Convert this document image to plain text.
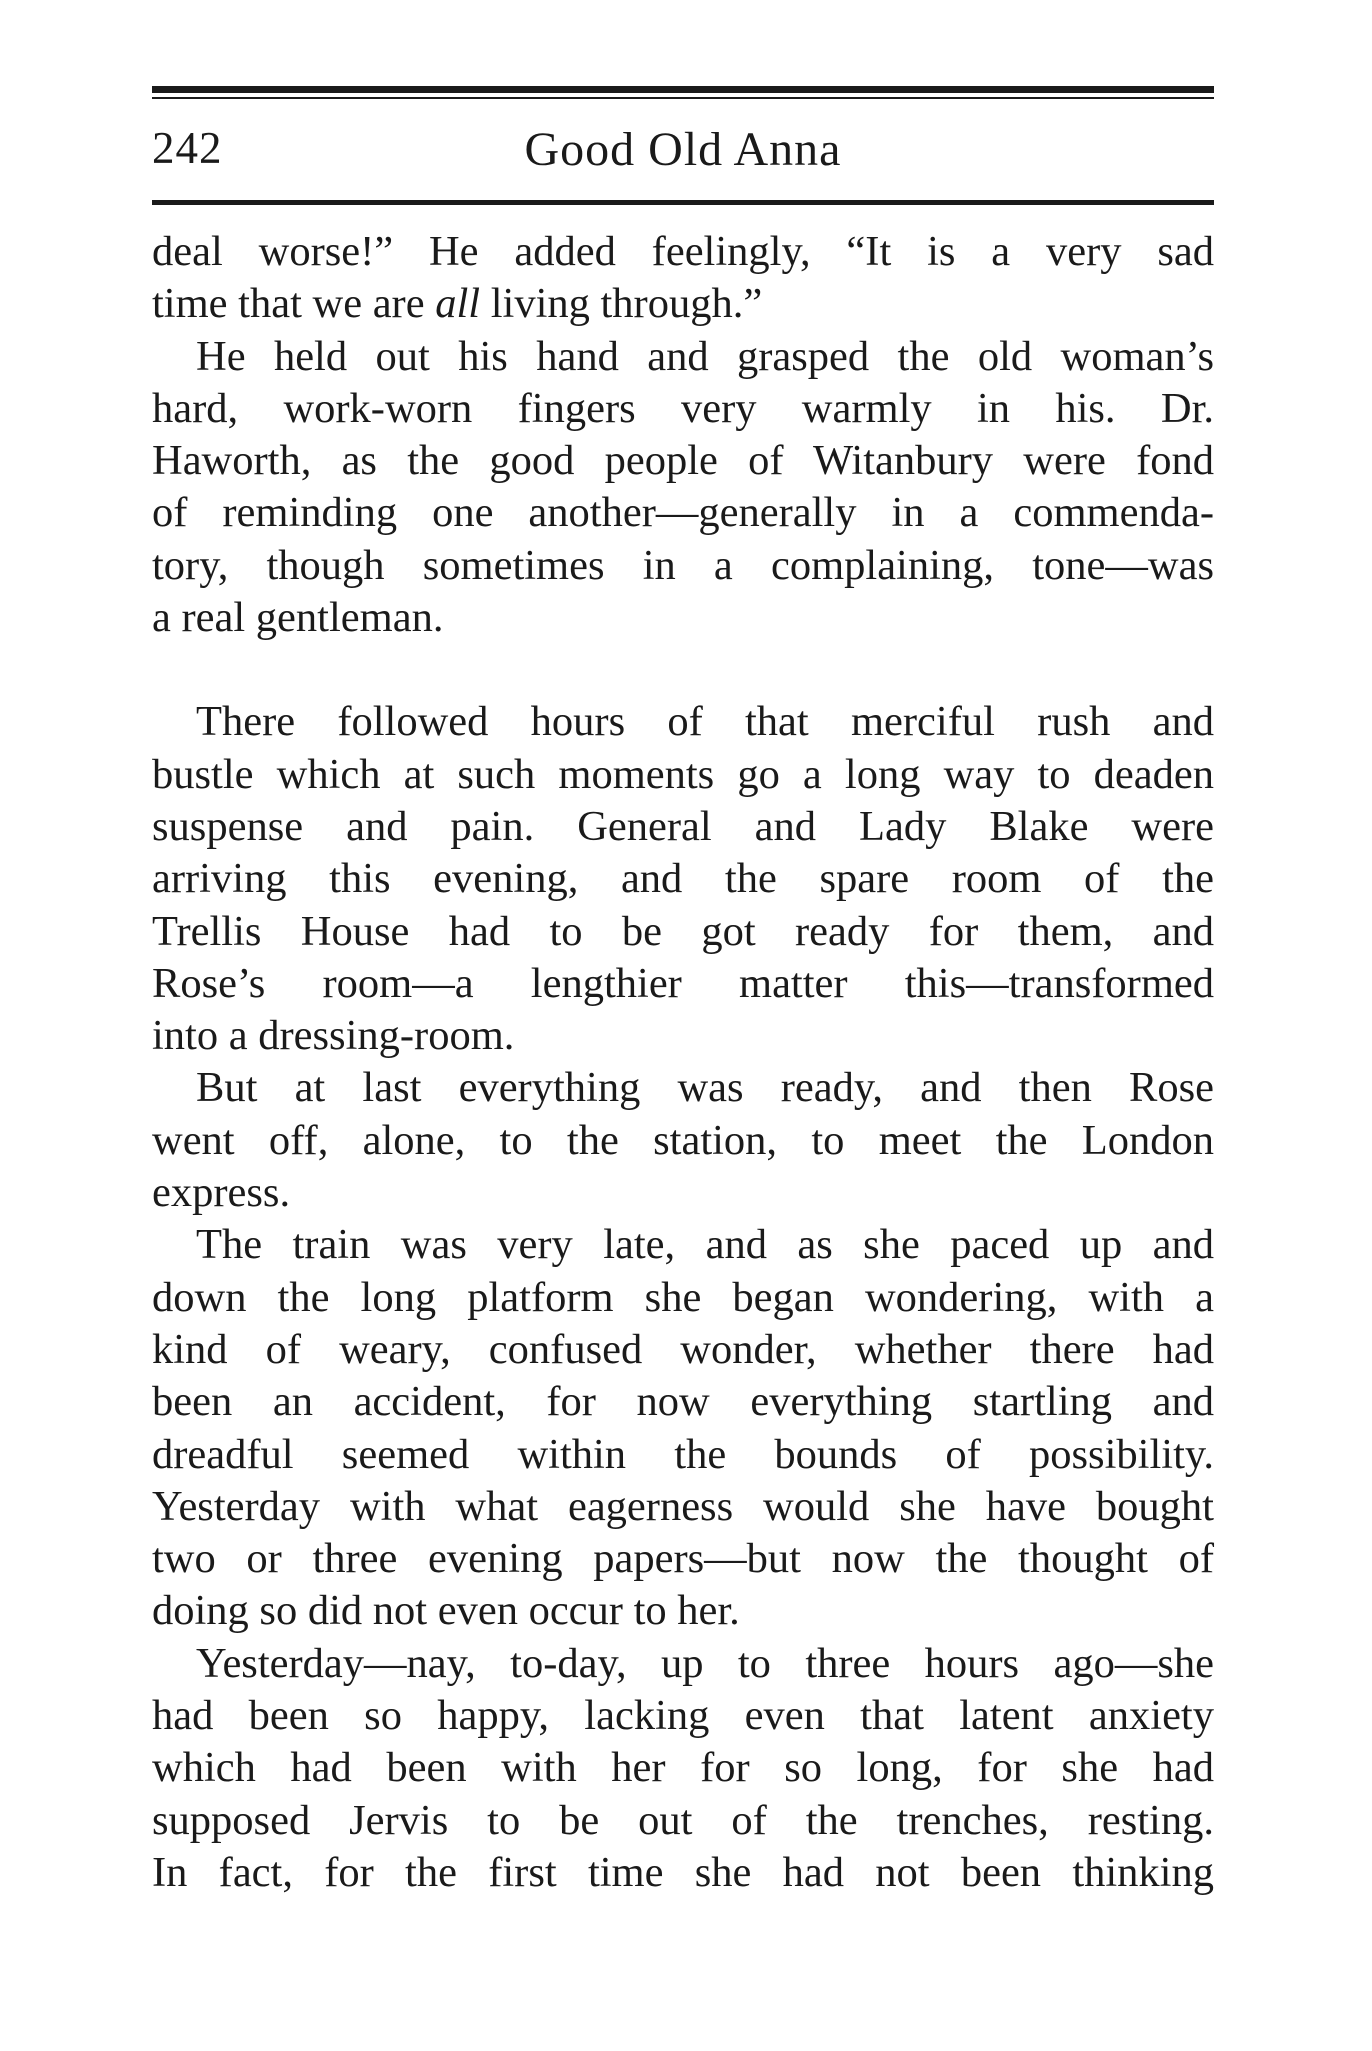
242	Good Old Anna
deal worse!” He added feelingly, “It is a very sad
time that we are all living through.”
He held out his hand and grasped the old woman’s
hard, work-worn fingers very warmly in his. Dr.
Haworth, as the good people of Witanbury were fond
of reminding one another—generally in a commenda-
tory, though sometimes in a complaining, tone—was
a real gentleman.
There followed hours of that merciful rush and
bustle which at such moments go a long way to deaden
suspense and pain. General and Lady Blake were
arriving this evening, and the spare room of the
Trellis House had to be got ready for them, and
Rose’s room—a lengthier matter this—transformed
into a dressing-room.
But at last everything was ready, and then Rose
went off, alone, to the station, to meet the London
express.
The train was very late, and as she paced up and
down the long platform she began wondering, with a
kind of weary, confused wonder, whether there had
been an accident, for now everything startling and
dreadful seemed within the bounds of possibility.
Yesterday with what eagerness would she have bought
two or three evening papers—but now the thought of
doing so did not even occur to her.
Yesterday—nay, to-day, up to three hours ago—she
had been so happy, lacking even that latent anxiety
which had been with her for so long, for she had
supposed Jervis to be out of the trenches, resting.
In fact, for the first time she had not been thinking
